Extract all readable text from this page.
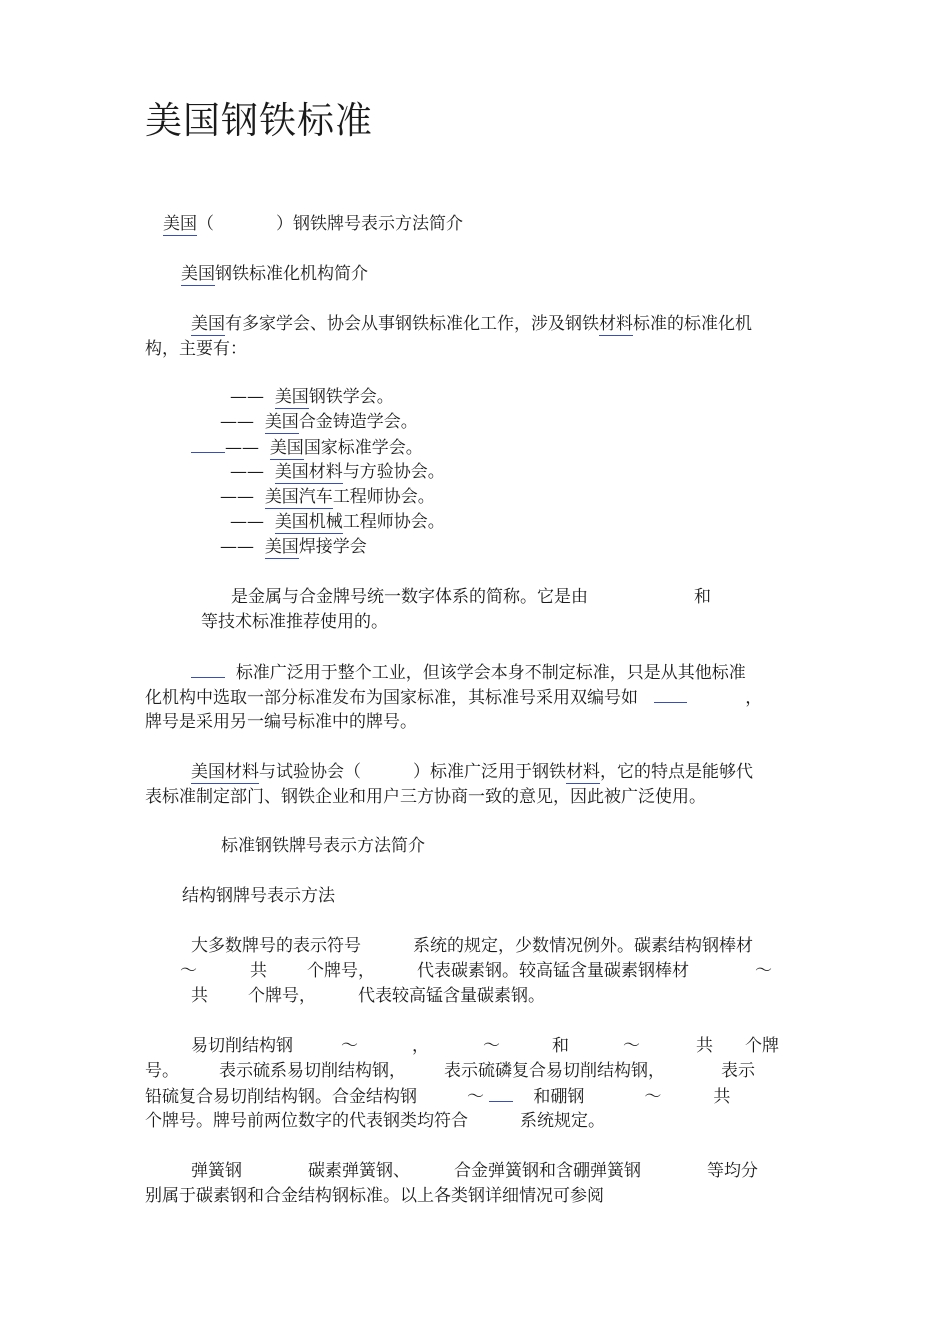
美国钢铁标准
美国（	）钢铁牌号表示方法简介
美国钢铁标准化机构简介
美国有多家学会、协会从事钢铁标准化工作，涉及钢铁材料标准的标准化机
构，主要有：
—— 美国钢铁学会。
—— 美国合金铸造学会。
—— 美国国家标准学会。
—— 美国材料与方验协会。
—— 美国汽车工程师协会。
—— 美国机械工程师协会。
—— 美国焊接学会
是金属与合金牌号统一数字体系的简称。它是由	和
等技术标准推荐使用的。
标准广泛用于整个工业，但该学会本身不制定标准，只是从其他标准
化机构中选取一部分标准发布为国家标准，其标准号采用双编号如	，
牌号是采用另一编号标准中的牌号。
美国材料与试验协会（	）标准广泛用于钢铁材料，它的特点是能够代
表标准制定部门、钢铁企业和用户三方协商一致的意见，因此被广泛使用。
标准钢铁牌号表示方法简介
结构钢牌号表示方法
大多数牌号的表示符号	系统的规定，少数情况例外。碳素结构钢棒材
～	共 个牌号， 代表碳素钢。较高锰含量碳素钢棒材	～
共 个牌号， 代表较高锰含量碳素钢。
易切削结构钢	～	，	～	和	～	共 个牌
号。 表示硫系易切削结构钢， 表示硫磷复合易切削结构钢，	表示
铅硫复合易切削结构钢。合金结构钢	～	和硼钢	～	共
个牌号。牌号前两位数字的代表钢类均符合	系统规定。
弹簧钢	碳素弹簧钢、	合金弹簧钢和含硼弹簧钢	等均分
别属于碳素钢和合金结构钢标准。以上各类钢详细情况可参阅
